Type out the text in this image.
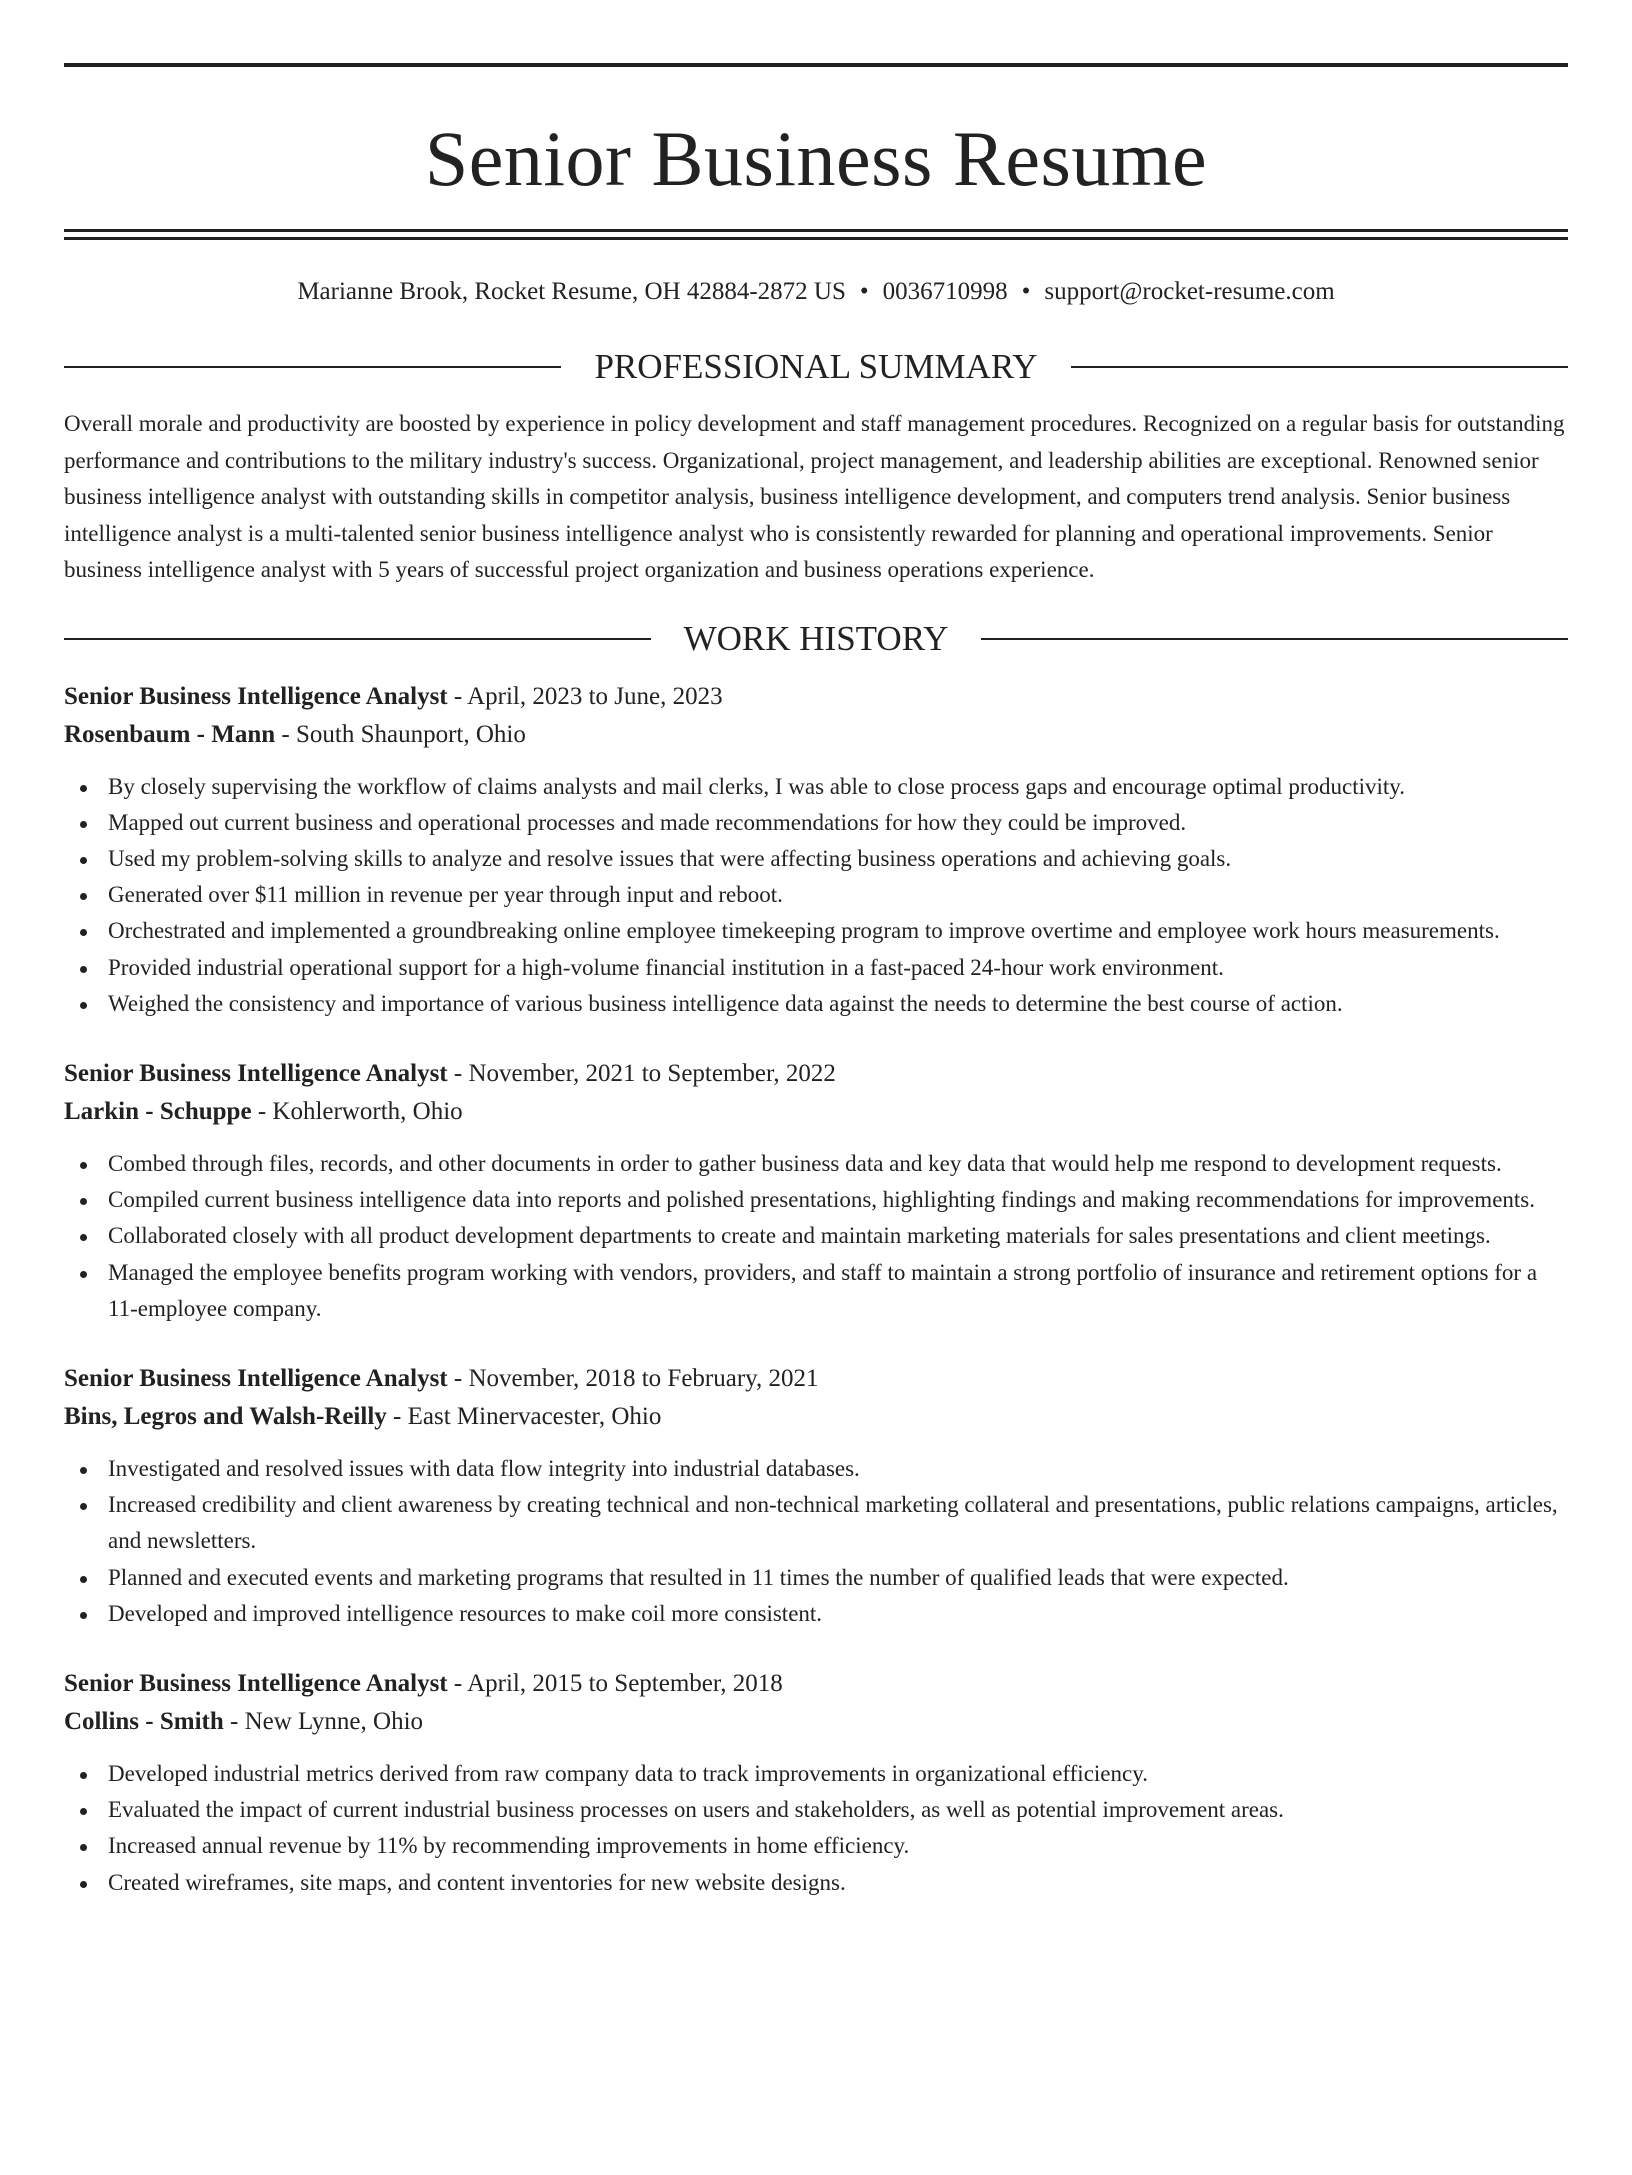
Senior Business Resume
Marianne Brook, Rocket Resume, OH 42884-2872 US • 0036710998 • support@rocket-resume.com
PROFESSIONAL SUMMARY

Overall morale and productivity are boosted by experience in policy development and staff management procedures. Recognized on a regular basis for outstanding performance and contributions to the military industry's success. Organizational, project management, and leadership abilities are exceptional. Renowned senior business intelligence analyst with outstanding skills in competitor analysis, business intelligence development, and computers trend analysis. Senior business intelligence analyst is a multi-talented senior business intelligence analyst who is consistently rewarded for planning and operational improvements. Senior business intelligence analyst with 5 years of successful project organization and business operations experience.

WORK HISTORY
Senior Business Intelligence Analyst - April, 2023 to June, 2023
Rosenbaum - Mann - South Shaunport, Ohio
By closely supervising the workflow of claims analysts and mail clerks, I was able to close process gaps and encourage optimal productivity.
Mapped out current business and operational processes and made recommendations for how they could be improved.
Used my problem-solving skills to analyze and resolve issues that were affecting business operations and achieving goals.
Generated over $11 million in revenue per year through input and reboot.
Orchestrated and implemented a groundbreaking online employee timekeeping program to improve overtime and employee work hours measurements.
Provided industrial operational support for a high-volume financial institution in a fast-paced 24-hour work environment.
Weighed the consistency and importance of various business intelligence data against the needs to determine the best course of action.
Senior Business Intelligence Analyst - November, 2021 to September, 2022
Larkin - Schuppe - Kohlerworth, Ohio
Combed through files, records, and other documents in order to gather business data and key data that would help me respond to development requests.
Compiled current business intelligence data into reports and polished presentations, highlighting findings and making recommendations for improvements.
Collaborated closely with all product development departments to create and maintain marketing materials for sales presentations and client meetings.
Managed the employee benefits program working with vendors, providers, and staff to maintain a strong portfolio of insurance and retirement options for a 11-employee company.
Senior Business Intelligence Analyst - November, 2018 to February, 2021
Bins, Legros and Walsh-Reilly - East Minervacester, Ohio
Investigated and resolved issues with data flow integrity into industrial databases.
Increased credibility and client awareness by creating technical and non-technical marketing collateral and presentations, public relations campaigns, articles, and newsletters.
Planned and executed events and marketing programs that resulted in 11 times the number of qualified leads that were expected.
Developed and improved intelligence resources to make coil more consistent.
Senior Business Intelligence Analyst - April, 2015 to September, 2018
Collins - Smith - New Lynne, Ohio
Developed industrial metrics derived from raw company data to track improvements in organizational efficiency.
Evaluated the impact of current industrial business processes on users and stakeholders, as well as potential improvement areas.
Increased annual revenue by 11% by recommending improvements in home efficiency.
Created wireframes, site maps, and content inventories for new website designs.
